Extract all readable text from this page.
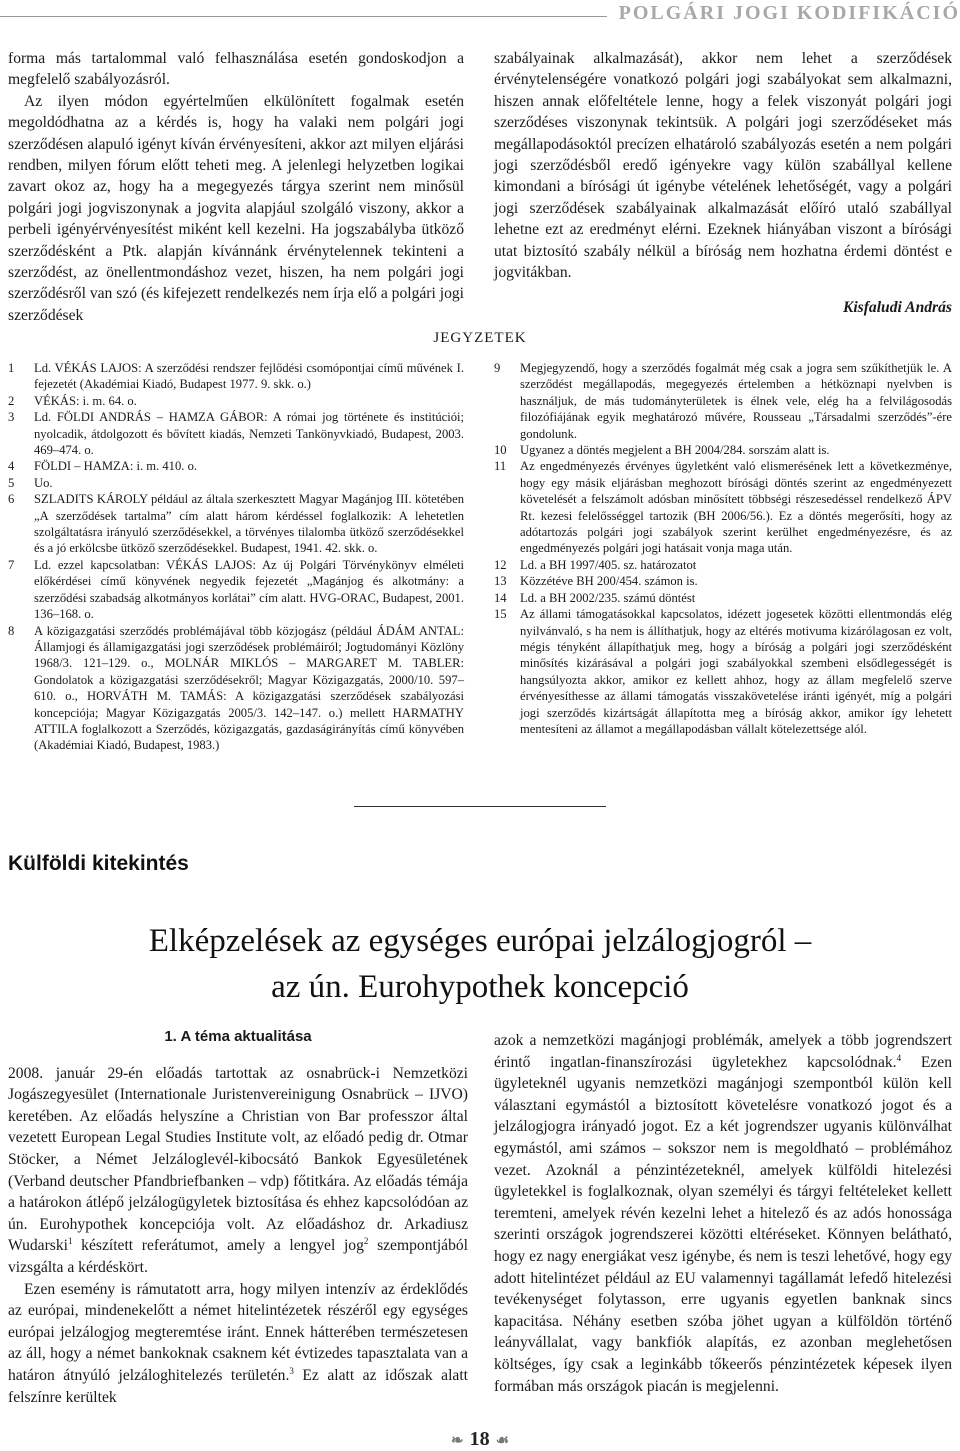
POLGÁRI JOGI KODIFIKÁCIÓ

forma más tartalommal való felhasználása esetén gondoskodjon a megfelelő szabályozásról.

Az ilyen módon egyértelműen elkülönített fogalmak esetén megoldódhatna az a kérdés is, hogy ha valaki nem polgári jogi szerződésen alapuló igényt kíván érvényesíteni, akkor azt milyen eljárási rendben, milyen fórum előtt teheti meg. A jelenlegi helyzetben logikai zavart okoz az, hogy ha a megegyezés tárgya szerint nem minősül polgári jogi jogviszonynak a jogvita alapjául szolgáló viszony, akkor a perbeli igényérvényesítést miként kell kezelni. Ha jogszabályba ütköző szerződésként a Ptk. alapján kívánnánk érvénytelennek tekinteni a szerződést, az önellentmondáshoz vezet, hiszen, ha nem polgári jogi szerződésről van szó (és kifejezett rendelkezés nem írja elő a polgári jogi szerződések

szabályainak alkalmazását), akkor nem lehet a szerződések érvénytelenségére vonatkozó polgári jogi szabályokat sem alkalmazni, hiszen annak előfeltétele lenne, hogy a felek viszonyát polgári jogi szerződéses viszonynak tekintsük. A polgári jogi szerződéseket más megállapodásoktól precízen elhatároló szabályozás esetén a nem polgári jogi szerződésből eredő igényekre vagy külön szabállyal kellene kimondani a bírósági út igénybe vételének lehetőségét, vagy a polgári jogi szerződések szabályainak alkalmazását előíró utaló szabállyal lehetne ezt az eredményt elérni. Ezeknek hiányában viszont a bírósági utat biztosító szabály nélkül a bíróság nem hozhatna érdemi döntést e jogvitákban.

Kisfaludi András
JEGYZETEK

1 Ld. VÉKÁS LAJOS: A szerződési rendszer fejlődési csomópontjai című művének I. fejezetét (Akadémiai Kiadó, Budapest 1977. 9. skk. o.)

2 VÉKÁS: i. m. 64. o.

3 Ld. FÖLDI ANDRÁS – HAMZA GÁBOR: A római jog története és institúciói; nyolcadik, átdolgozott és bővített kiadás, Nemzeti Tankönyvkiadó, Budapest, 2003. 469–474. o.

4 FÖLDI – HAMZA: i. m. 410. o.

5 Uo.

6 SZLADITS KÁROLY például az általa szerkesztett Magyar Magánjog III. kötetében „A szerződések tartalma” cím alatt három kérdéssel foglalkozik: A lehetetlen szolgáltatásra irányuló szerződésekkel, a törvényes tilalomba ütköző szerződésekkel és a jó erkölcsbe ütköző szerződésekkel. Budapest, 1941. 42. skk. o.

7 Ld. ezzel kapcsolatban: VÉKÁS LAJOS: Az új Polgári Törvénykönyv elméleti előkérdései című könyvének negyedik fejezetét „Magánjog és alkotmány: a szerződési szabadság alkotmányos korlátai” cím alatt. HVG-ORAC, Budapest, 2001. 136–168. o.

8 A közigazgatási szerződés problémájával több közjogász (például ÁDÁM ANTAL: Államjogi és államigazgatási jogi szerződések problémáiról; Jogtudományi Közlöny 1968/3. 121–129. o., MOLNÁR MIKLÓS – MARGARET M. TABLER: Gondolatok a közigazgatási szerződésekről; Magyar Közigazgatás, 2000/10. 597–610. o., HORVÁTH M. TAMÁS: A közigazgatási szerződések szabályozási koncepciója; Magyar Közigazgatás 2005/3. 142–147. o.) mellett HARMATHY ATTILA foglalkozott a Szerződés, közigazgatás, gazdaságirányítás című könyvében (Akadémiai Kiadó, Budapest, 1983.)

9 Megjegyzendő, hogy a szerződés fogalmát még csak a jogra sem szűkíthetjük le. A szerződést megállapodás, megegyezés értelemben a hétköznapi nyelvben is használjuk, de más tudományterületek is élnek vele, elég ha a felvilágosodás filozófiájának egyik meghatározó művére, Rousseau „Társadalmi szerződés”-ére gondolunk.

10 Ugyanez a döntés megjelent a BH 2004/284. sorszám alatt is.

11 Az engedményezés érvényes ügyletként való elismerésének lett a következménye, hogy egy másik eljárásban meghozott bírósági döntés szerint az engedményezett követelését a felszámolt adósban minősített többségi részesedéssel rendelkező ÁPV Rt. kezesi felelősséggel tartozik (BH 2006/56.). Ez a döntés megerősíti, hogy az adótartozás polgári jogi szabályok szerint kerülhet engedményezésre, és az engedményezés polgári jogi hatásait vonja maga után.

12 Ld. a BH 1997/405. sz. határozatot

13 Közzétéve BH 200/454. számon is.

14 Ld. a BH 2002/235. számú döntést

15 Az állami támogatásokkal kapcsolatos, idézett jogesetek közötti ellentmondás elég nyilvánvaló, s ha nem is állíthatjuk, hogy az eltérés motivuma kizárólagosan ez volt, mégis tényként állapíthatjuk meg, hogy a bíróság a polgári jogi szerződésként minősítés kizárásával a polgári jogi szabályokkal szembeni elsődlegességét is hangsúlyozta akkor, amikor ez kellett ahhoz, hogy az állam megfelelő szerve érvényesíthesse az állami támogatás visszakövetelése iránti igényét, míg a polgári jogi szerződés kizártságát állapította meg a bíróság akkor, amikor így lehetett mentesíteni az államot a megállapodásban vállalt kötelezettsége alól.

Külföldi kitekintés
Elképzelések az egységes európai jelzálogjogról –
az ún. Eurohypothek koncepció
1. A téma aktualitása

2008. január 29-én előadás tartottak az osnabrück-i Nemzetközi Jogászegyesület (Internationale Juristenvereinigung Osnabrück – IJVO) keretében. Az előadás helyszíne a Christian von Bar professzor által vezetett European Legal Studies Institute volt, az előadó pedig dr. Otmar Stöcker, a Német Jelzáloglevél-kibocsátó Bankok Egyesületének (Verband deutscher Pfandbriefbanken – vdp) főtitkára. Az előadás témája a határokon átlépő jelzálogügyletek biztosítása és ehhez kapcsolódóan az ún. Eurohypothek koncepciója volt. Az előadáshoz dr. Arkadiusz Wudarski$^1$ készített referátumot, amely a lengyel jog$^2$ szempontjából vizsgálta a kérdéskört.

Ezen esemény is rámutatott arra, hogy milyen intenzív az érdeklődés az európai, mindenekelőtt a német hitelintézetek részéről egy egységes európai jelzálogjog megteremtése iránt. Ennek hátterében természetesen az áll, hogy a német bankoknak csaknem két évtizedes tapasztalata van a határon átnyúló jelzáloghitelezés területén.$^3$ Ez alatt az időszak alatt felszínre kerültek

azok a nemzetközi magánjogi problémák, amelyek a több jogrendszert érintő ingatlan-finanszírozási ügyletekhez kapcsolódnak.$^4$ Ezen ügyleteknél ugyanis nemzetközi magánjogi szempontból külön kell választani egymástól a biztosított követelésre vonatkozó jogot és a jelzálogjogra irányadó jogot. Ez a két jogrendszer ugyanis különválhat egymástól, ami számos – sokszor nem is megoldható – problémához vezet. Azoknál a pénzintézeteknél, amelyek külföldi hitelezési ügyletekkel is foglalkoznak, olyan személyi és tárgyi feltételeket kellett teremteni, amelyek révén kezelni lehet a hitelező és az adós honossága szerinti országok jogrendszerei közötti eltéréseket. Könnyen belátható, hogy ez nagy energiákat vesz igénybe, és nem is teszi lehetővé, hogy egy adott hitelintézet például az EU valamennyi tagállamát lefedő hitelezési tevékenységet folytasson, erre ugyanis egyetlen banknak sincs kapacitása. Néhány esetben szóba jöhet ugyan a külföldön történő leányvállalat, vagy bankfiók alapítás, ez azonban meglehetősen költséges, így csak a leginkább tőkeerős pénzintézetek képesek ilyen formában más országok piacán is megjelenni.

❧ 18 ☙
